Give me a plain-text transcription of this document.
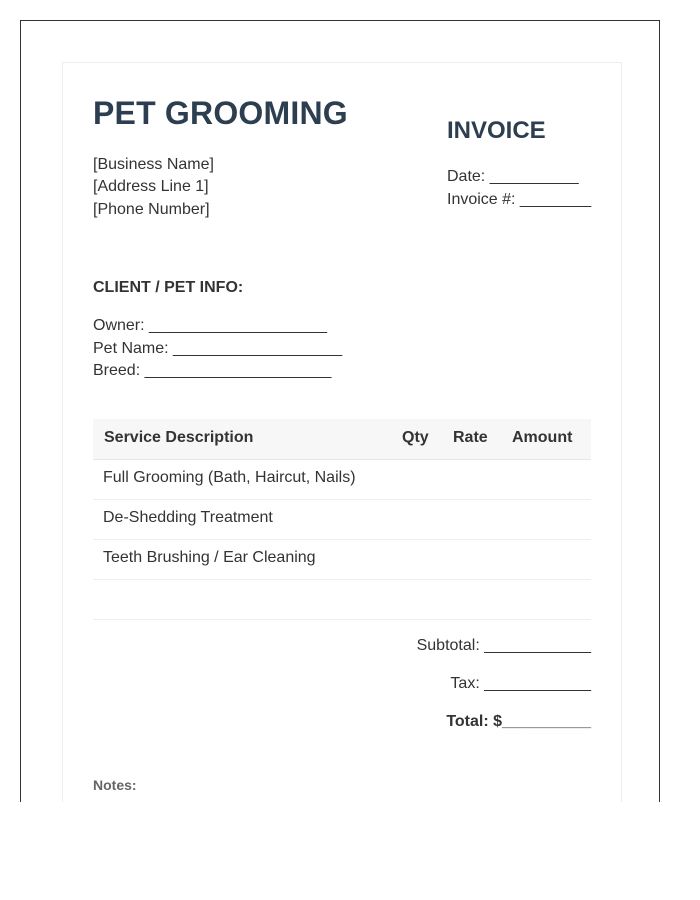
PET GROOMING
[Business Name]
[Address Line 1]
[Phone Number]
INVOICE
Date: __________
Invoice #: ________
CLIENT / PET INFO:
Owner: ____________________
Pet Name: ___________________
Breed: _____________________
Service Description	Qty Rate Amount
Full Grooming (Bath, Haircut, Nails)
De-Shedding Treatment
Teeth Brushing / Ear Cleaning
Subtotal: ____________
Tax: ____________
Total: $__________
Notes:
